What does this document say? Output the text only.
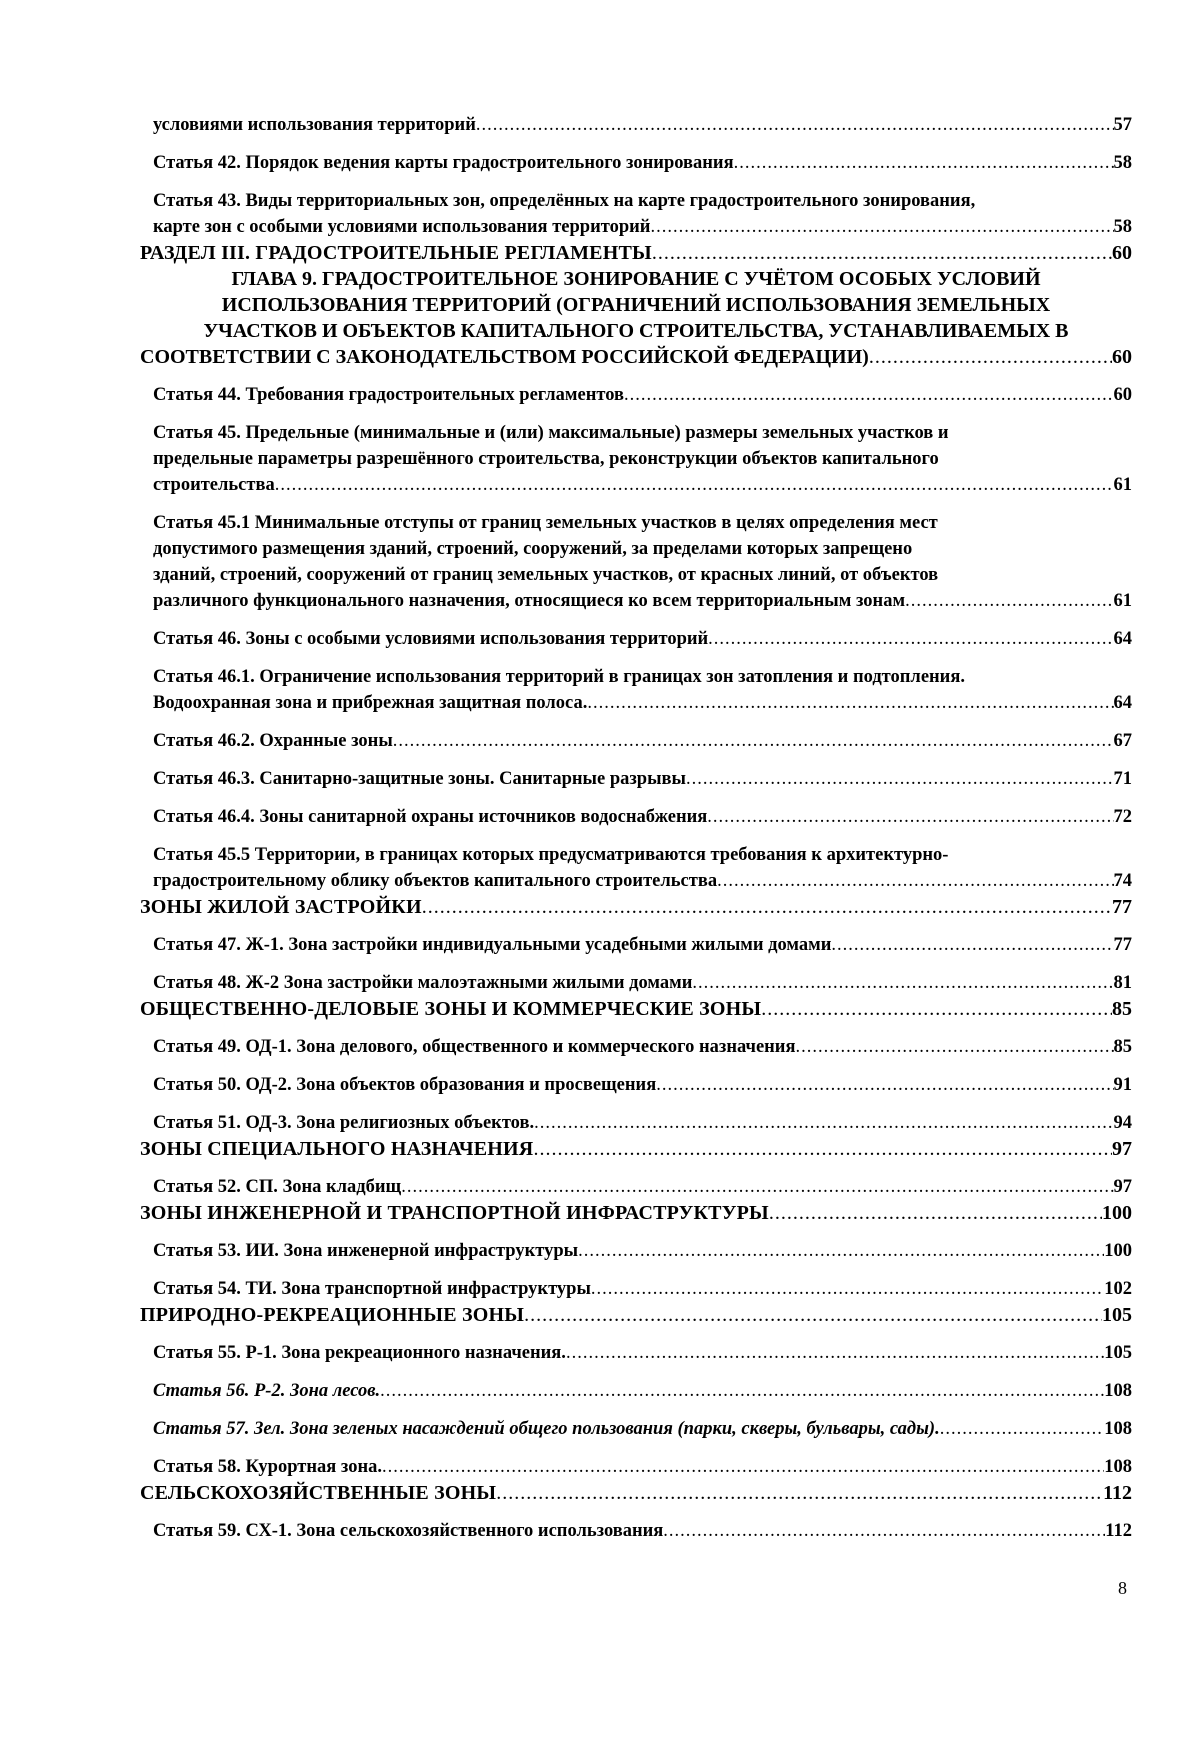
условиями использования территорий .....	57
Статья 42. Порядок ведения карты градостроительного зонирования .....	58
Статья 43. Виды территориальных зон, определённых на карте градостроительного зонирования,
карте зон с особыми условиями использования территорий .....	58
РАЗДЕЛ III. ГРАДОСТРОИТЕЛЬНЫЕ РЕГЛАМЕНТЫ .....	60
ГЛАВА 9. ГРАДОСТРОИТЕЛЬНОЕ ЗОНИРОВАНИЕ С УЧЁТОМ ОСОБЫХ УСЛОВИЙ
ИСПОЛЬЗОВАНИЯ ТЕРРИТОРИЙ (ОГРАНИЧЕНИЙ ИСПОЛЬЗОВАНИЯ ЗЕМЕЛЬНЫХ
УЧАСТКОВ И ОБЪЕКТОВ КАПИТАЛЬНОГО СТРОИТЕЛЬСТВА, УСТАНАВЛИВАЕМЫХ В
СООТВЕТСТВИИ С ЗАКОНОДАТЕЛЬСТВОМ РОССИЙСКОЙ ФЕДЕРАЦИИ) .....	60
Статья 44. Требования градостроительных регламентов .....	60
Статья 45. Предельные (минимальные и (или) максимальные) размеры земельных участков и
предельные параметры разрешённого строительства, реконструкции объектов капитального
строительства .....	61
Статья 45.1 Минимальные отступы от границ земельных участков в целях определения мест
допустимого размещения зданий, строений, сооружений, за пределами которых запрещено
зданий, строений, сооружений от границ земельных участков, от красных линий, от объектов
различного функционального назначения, относящиеся ко всем территориальным зонам .....	61
Статья 46. Зоны с особыми условиями использования территорий .....	64
Статья 46.1. Ограничение использования территорий в границах зон затопления и подтопления.
Водоохранная зона и прибрежная защитная полоса. .....	64
Статья 46.2. Охранные зоны .....	67
Статья 46.3. Санитарно-защитные зоны. Санитарные разрывы .....	71
Статья 46.4. Зоны санитарной охраны источников водоснабжения .....	72
Статья 45.5 Территории, в границах которых предусматриваются требования к архитектурно-
градостроительному облику объектов капитального строительства .....	74
ЗОНЫ ЖИЛОЙ ЗАСТРОЙКИ .....	77
Статья 47. Ж-1. Зона застройки индивидуальными усадебными жилыми домами .....	77
Статья 48. Ж-2 Зона застройки малоэтажными жилыми домами .....	81
ОБЩЕСТВЕННО-ДЕЛОВЫЕ ЗОНЫ И КОММЕРЧЕСКИЕ ЗОНЫ .....	85
Статья 49. ОД-1. Зона делового, общественного и коммерческого назначения .....	85
Статья 50. ОД-2. Зона объектов образования и просвещения .....	91
Статья 51. ОД-3. Зона религиозных объектов. .....	94
ЗОНЫ СПЕЦИАЛЬНОГО НАЗНАЧЕНИЯ .....	97
Статья 52. СП. Зона кладбищ .....	97
ЗОНЫ ИНЖЕНЕРНОЙ И ТРАНСПОРТНОЙ ИНФРАСТРУКТУРЫ .....	100
Статья 53. ИИ. Зона инженерной инфраструктуры .....	100
Статья 54. ТИ. Зона транспортной инфраструктуры .....	102
ПРИРОДНО-РЕКРЕАЦИОННЫЕ ЗОНЫ .....	105
Статья 55. Р-1. Зона рекреационного назначения. .....	105
Статья 56. Р-2. Зона лесов. .....	108
Статья 57. Зел. Зона зеленых насаждений общего пользования (парки, скверы, бульвары, сады). .....	108
Статья 58. Курортная зона. .....	108
СЕЛЬСКОХОЗЯЙСТВЕННЫЕ ЗОНЫ .....	112
Статья 59. СХ-1. Зона сельскохозяйственного использования .....	112
8
